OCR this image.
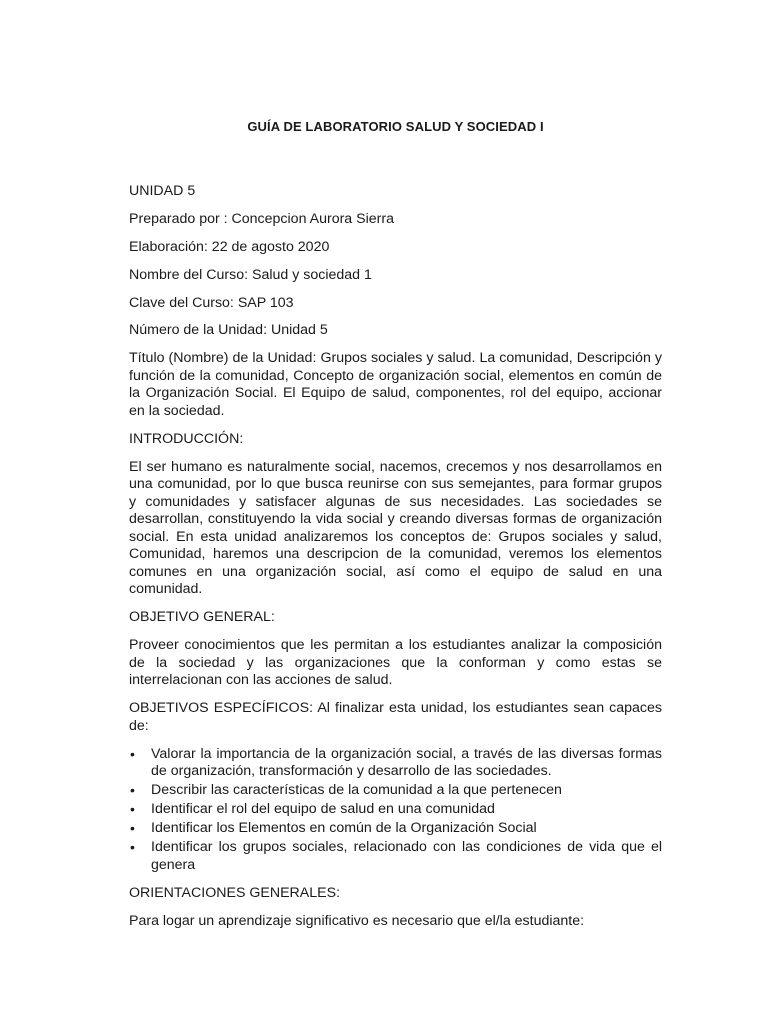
GUÍA DE LABORATORIO SALUD Y SOCIEDAD I

UNIDAD 5

Preparado por : Concepcion Aurora Sierra

Elaboración: 22 de agosto 2020

Nombre del Curso: Salud y sociedad 1

Clave del Curso: SAP 103

Número de la Unidad: Unidad 5

Título (Nombre) de la Unidad: Grupos sociales y salud. La comunidad, Descripción y función de la comunidad, Concepto de organización social, elementos en común de la Organización Social. El Equipo de salud, componentes, rol del equipo, accionar en la sociedad.

INTRODUCCIÓN:

El ser humano es naturalmente social, nacemos, crecemos y nos desarrollamos en una comunidad, por lo que busca reunirse con sus semejantes, para formar grupos y comunidades y satisfacer algunas de sus necesidades. Las sociedades se desarrollan, constituyendo la vida social y creando diversas formas de organización social. En esta unidad analizaremos los conceptos de: Grupos sociales y salud, Comunidad, haremos una descripcion de la comunidad, veremos los elementos comunes en una organización social, así como el equipo de salud en una comunidad.

OBJETIVO GENERAL:

Proveer conocimientos que les permitan a los estudiantes analizar la composición de la sociedad y las organizaciones que la conforman y como estas se interrelacionan con las acciones de salud.

OBJETIVOS ESPECÍFICOS: Al finalizar esta unidad, los estudiantes sean capaces de:

• Valorar la importancia de la organización social, a través de las diversas formas de organización, transformación y desarrollo de las sociedades.
• Describir las características de la comunidad a la que pertenecen
• Identificar el rol del equipo de salud en una comunidad
• Identificar los Elementos en común de la Organización Social
• Identificar los grupos sociales, relacionado con las condiciones de vida que el genera

ORIENTACIONES GENERALES:

Para logar un aprendizaje significativo es necesario que el/la estudiante:
